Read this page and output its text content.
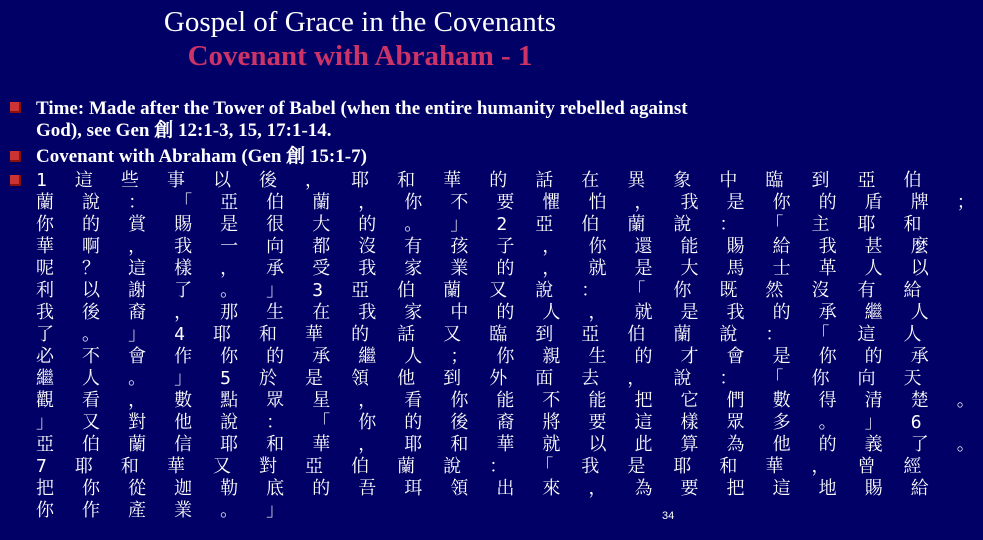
Gospel of Grace in the Covenants
Covenant with Abraham - 1
Time: Made after the Tower of Babel (when the entire humanity rebelled against God), see Gen 創 12:1-3, 15, 17:1-14.
Covenant with Abraham (Gen 創 15:1-7)
1 這 些 事 以 後 ， 耶 和 華 的 話 在 異 象 中 臨 到 亞 伯
蘭 說 ： 「 亞 伯 蘭 ， 你 不 要 懼 怕 ， 我 是 你 的 盾 牌 ；
你 的 賞 賜 是 很 大 的 。 」 2 亞 伯 蘭 說 ： 「 主 耶 和
華 啊 ， 我 一 向 都 沒 有 孩 子 ， 你 還 能 賜 給 我 甚 麼
呢 ？ 這 樣 ， 承 受 我 家 業 的 ， 就 是 大 馬 士 革 人 以
利 以 謝 了 。 」 3 亞 伯 蘭 又 說 ： 「 你 既 然 沒 有 給
我 後 裔 ， 那 生 在 我 家 中 的 人 ， 就 是 我 的 承 繼 人
了 。 」 4 耶 和 華 的 話 又 臨 到 亞 伯 蘭 說 ： 「 這 人
必 不 會 作 你 的 承 繼 人 ； 你 親 生 的 才 會 是 你 的 承
繼 人 。 」 5 於 是 領 他 到 外 面 去 ， 說 ： 「 你 向 天
觀 看 ， 數 點 眾 星 ， 看 你 能 不 能 把 它 們 數 得 清 楚 。
」 又 對 他 說 ： 「 你 的 後 裔 將 要 這 樣 眾 多 。 」 6
亞 伯 蘭 信 耶 和 華 ， 耶 和 華 就 以 此 算 為 他 的 義 了 。
7 耶 和 華 又 對 亞 伯 蘭 說 ： 「 我 是 耶 和 華 ， 曾 經
把 你 從 迦 勒 底 的 吾 珥 領 出 來 ， 為 要 把 這 地 賜 給
你 作 產 業 。 」	34
